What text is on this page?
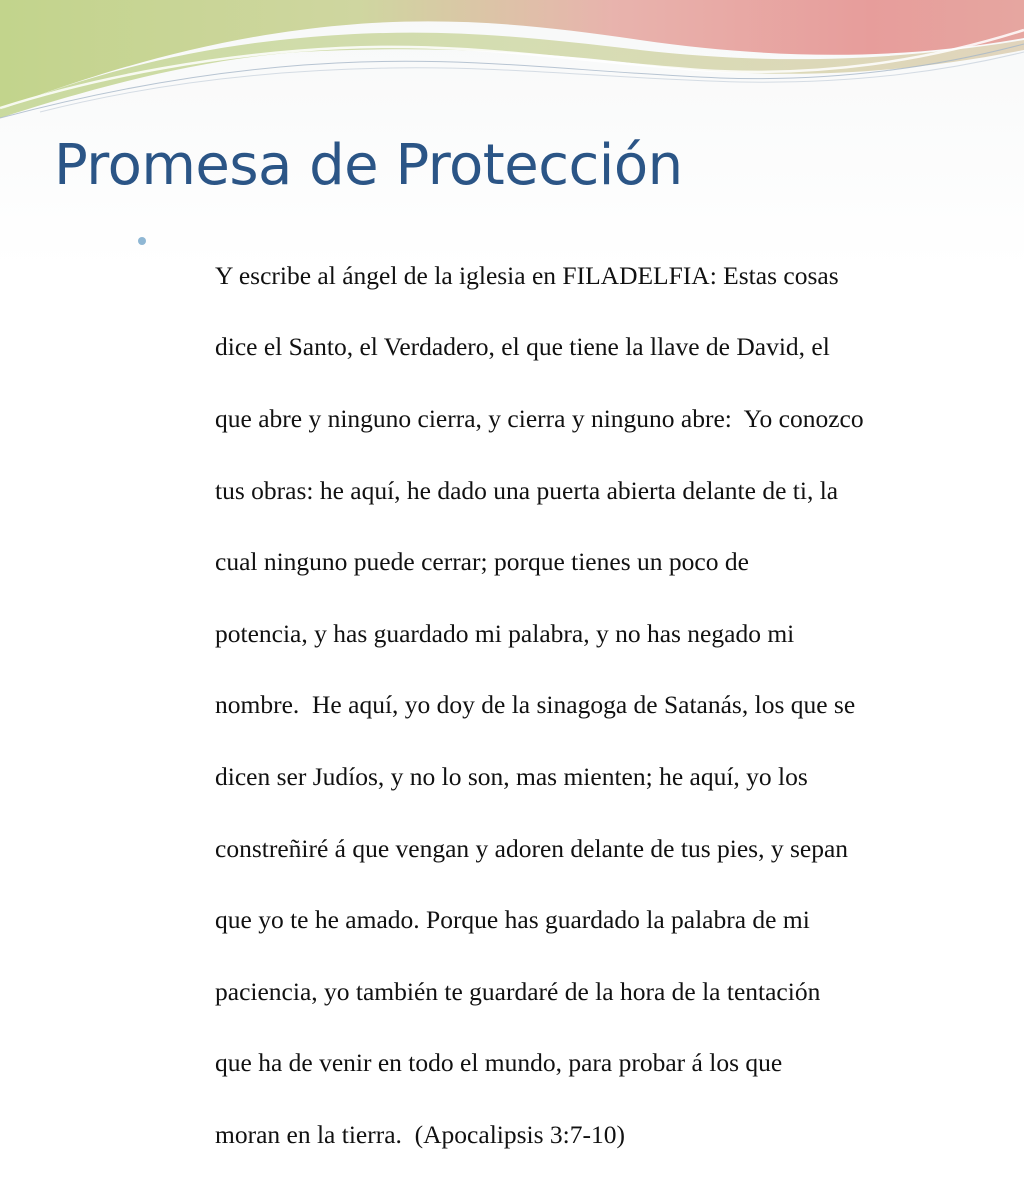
Promesa de Protección

Y escribe al ángel de la iglesia en FILADELFIA: Estas cosas

dice el Santo, el Verdadero, el que tiene la llave de David, el

que abre y ninguno cierra, y cierra y ninguno abre:  Yo conozco

tus obras: he aquí, he dado una puerta abierta delante de ti, la

cual ninguno puede cerrar; porque tienes un poco de

potencia, y has guardado mi palabra, y no has negado mi

nombre.  He aquí, yo doy de la sinagoga de Satanás, los que se

dicen ser Judíos, y no lo son, mas mienten; he aquí, yo los

constreñiré á que vengan y adoren delante de tus pies, y sepan

que yo te he amado. Porque has guardado la palabra de mi

paciencia, yo también te guardaré de la hora de la tentación

que ha de venir en todo el mundo, para probar á los que

moran en la tierra.  (Apocalipsis 3:7-10)
